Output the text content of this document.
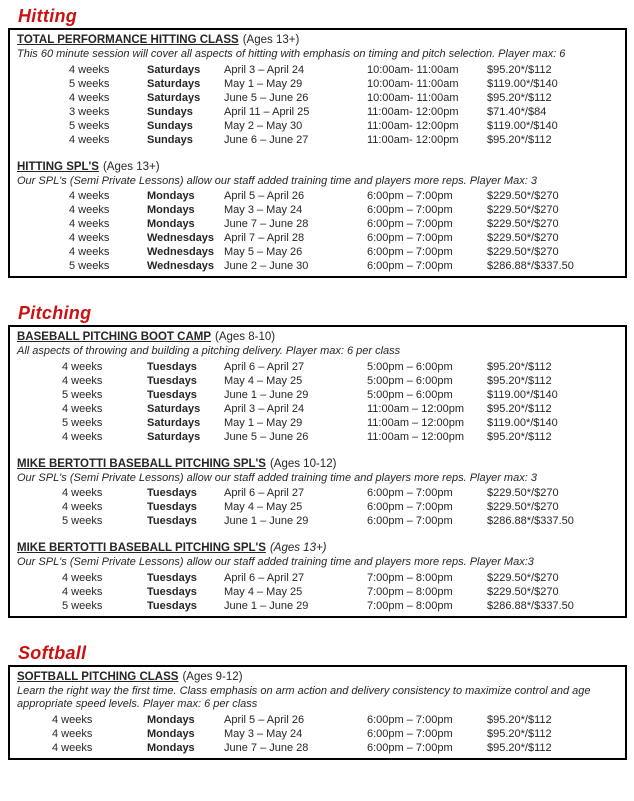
Hitting
TOTAL PERFORMANCE HITTING CLASS (Ages 13+)
This 60 minute session will cover all aspects of hitting with emphasis on timing and pitch selection. Player max: 6
4 weeks	Saturdays	April 3 – April 24	10:00am- 11:00am	$95.20*/$112
5 weeks	Saturdays	May 1 – May 29	10:00am- 11:00am	$119.00*/$140
4 weeks	Saturdays	June 5 – June 26	10:00am- 11:00am	$95.20*/$112
3 weeks	Sundays	April 11 – April 25	11:00am- 12:00pm	$71.40*/$84
5 weeks	Sundays	May 2 – May 30	11:00am- 12:00pm	$119.00*/$140
4 weeks	Sundays	June 6 – June 27	11:00am- 12:00pm	$95.20*/$112
HITTING SPL'S (Ages 13+)
Our SPL's (Semi Private Lessons) allow our staff added training time and players more reps. Player Max: 3
4 weeks	Mondays	April 5 – April 26	6:00pm – 7:00pm	$229.50*/$270
4 weeks	Mondays	May 3 – May 24	6:00pm – 7:00pm	$229.50*/$270
4 weeks	Mondays	June 7 – June 28	6:00pm – 7:00pm	$229.50*/$270
4 weeks	Wednesdays April 7 – April 28	6:00pm – 7:00pm	$229.50*/$270
4 weeks	Wednesdays May 5 – May 26	6:00pm – 7:00pm	$229.50*/$270
5 weeks	Wednesdays June 2 – June 30	6:00pm – 7:00pm	$286.88*/$337.50
Pitching
BASEBALL PITCHING BOOT CAMP (Ages 8-10)
All aspects of throwing and building a pitching delivery. Player max: 6 per class
4 weeks	Tuesdays	April 6 – April 27	5:00pm – 6:00pm	$95.20*/$112
4 weeks	Tuesdays	May 4 – May 25	5:00pm – 6:00pm	$95.20*/$112
5 weeks	Tuesdays	June 1 – June 29	5:00pm – 6:00pm	$119.00*/$140
4 weeks	Saturdays	April 3 – April 24	11:00am – 12:00pm	$95.20*/$112
5 weeks	Saturdays	May 1 – May 29	11:00am – 12:00pm	$119.00*/$140
4 weeks	Saturdays	June 5 – June 26	11:00am – 12:00pm	$95.20*/$112
MIKE BERTOTTI BASEBALL PITCHING SPL'S (Ages 10-12)
Our SPL's (Semi Private Lessons) allow our staff added training time and players more reps. Player max: 3
4 weeks	Tuesdays	April 6 – April 27	6:00pm – 7:00pm	$229.50*/$270
4 weeks	Tuesdays	May 4 – May 25	6:00pm – 7:00pm	$229.50*/$270
5 weeks	Tuesdays	June 1 – June 29	6:00pm – 7:00pm	$286.88*/$337.50
MIKE BERTOTTI BASEBALL PITCHING SPL'S (Ages 13+)
Our SPL's (Semi Private Lessons) allow our staff added training time and players more reps. Player Max:3
4 weeks	Tuesdays	April 6 – April 27	7:00pm – 8:00pm	$229.50*/$270
4 weeks	Tuesdays	May 4 – May 25	7:00pm – 8:00pm	$229.50*/$270
5 weeks	Tuesdays	June 1 – June 29	7:00pm – 8:00pm	$286.88*/$337.50
Softball
SOFTBALL PITCHING CLASS (Ages 9-12)
Learn the right way the first time. Class emphasis on arm action and delivery consistency to maximize control and age appropriate speed levels. Player max: 6 per class
4 weeks	Mondays	April 5 – April 26	6:00pm – 7:00pm	$95.20*/$112
4 weeks	Mondays	May 3 – May 24	6:00pm – 7:00pm	$95.20*/$112
4 weeks	Mondays	June 7 – June 28	6:00pm – 7:00pm	$95.20*/$112
